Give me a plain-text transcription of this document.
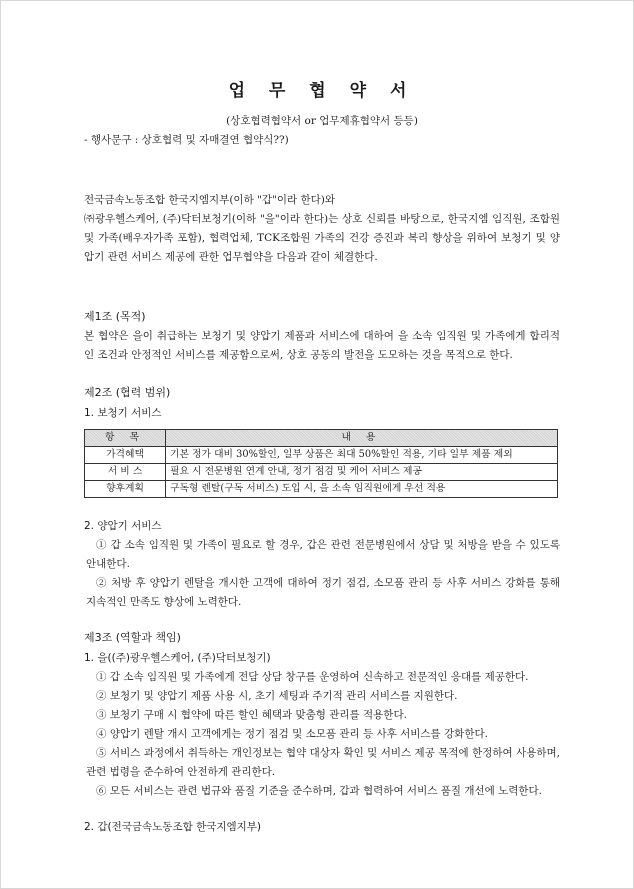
업 무 협 약 서
(상호협력협약서 or 업무제휴협약서 등등)
- 행사문구 : 상호협력 및 자매결연 협약식??)

전국금속노동조합 한국지엠지부(이하 "갑"이라 한다)와

㈜광우헬스케어, (주)닥터보청기(이하 "을"이라 한다)는 상호 신뢰를 바탕으로, 한국지엠 임직원, 조합원 및 가족(배우자가족 포함), 협력업체, TCK조합원 가족의 건강 증진과 복리 향상을 위하여 보청기 및 양압기 관련 서비스 제공에 관한 업무협약을 다음과 같이 체결한다.

제1조 (목적)

본 협약은 을이 취급하는 보청기 및 양압기 제품과 서비스에 대하여 을 소속 임직원 및 가족에게 합리적인 조건과 안정적인 서비스를 제공함으로써, 상호 공동의 발전을 도모하는 것을 목적으로 한다.

제2조 (협력 범위)
1. 보청기 서비스
항 목	내 용
가격혜택	기본 정가 대비 30%할인, 일부 상품은 최대 50%할인 적용, 기타 일부 제품 제외
서 비 스	필요 시 전문병원 연계 안내, 정기 점검 및 케어 서비스 제공
향후계획	구독형 렌탈(구독 서비스) 도입 시, 을 소속 임직원에게 우선 적용
2. 양압기 서비스

① 갑 소속 임직원 및 가족이 필요로 할 경우, 갑은 관련 전문병원에서 상담 및 처방을 받을 수 있도록 안내한다.

② 처방 후 양압기 렌탈을 개시한 고객에 대하여 정기 점검, 소모품 관리 등 사후 서비스 강화를 통해 지속적인 만족도 향상에 노력한다.

제3조 (역할과 책임)
1. 을((주)광우헬스케어, (주)닥터보청기)

① 갑 소속 임직원 및 가족에게 전담 상담 창구를 운영하여 신속하고 전문적인 응대를 제공한다.

② 보청기 및 양압기 제품 사용 시, 초기 세팅과 주기적 관리 서비스를 지원한다.

③ 보청기 구매 시 협약에 따른 할인 혜택과 맞춤형 관리를 적용한다.

④ 양압기 렌탈 개시 고객에게는 정기 점검 및 소모품 관리 등 사후 서비스를 강화한다.

⑤ 서비스 과정에서 취득하는 개인정보는 협약 대상자 확인 및 서비스 제공 목적에 한정하여 사용하며, 관련 법령을 준수하여 안전하게 관리한다.

⑥ 모든 서비스는 관련 법규와 품질 기준을 준수하며, 갑과 협력하여 서비스 품질 개선에 노력한다.

2. 갑(전국금속노동조합 한국지엠지부)
